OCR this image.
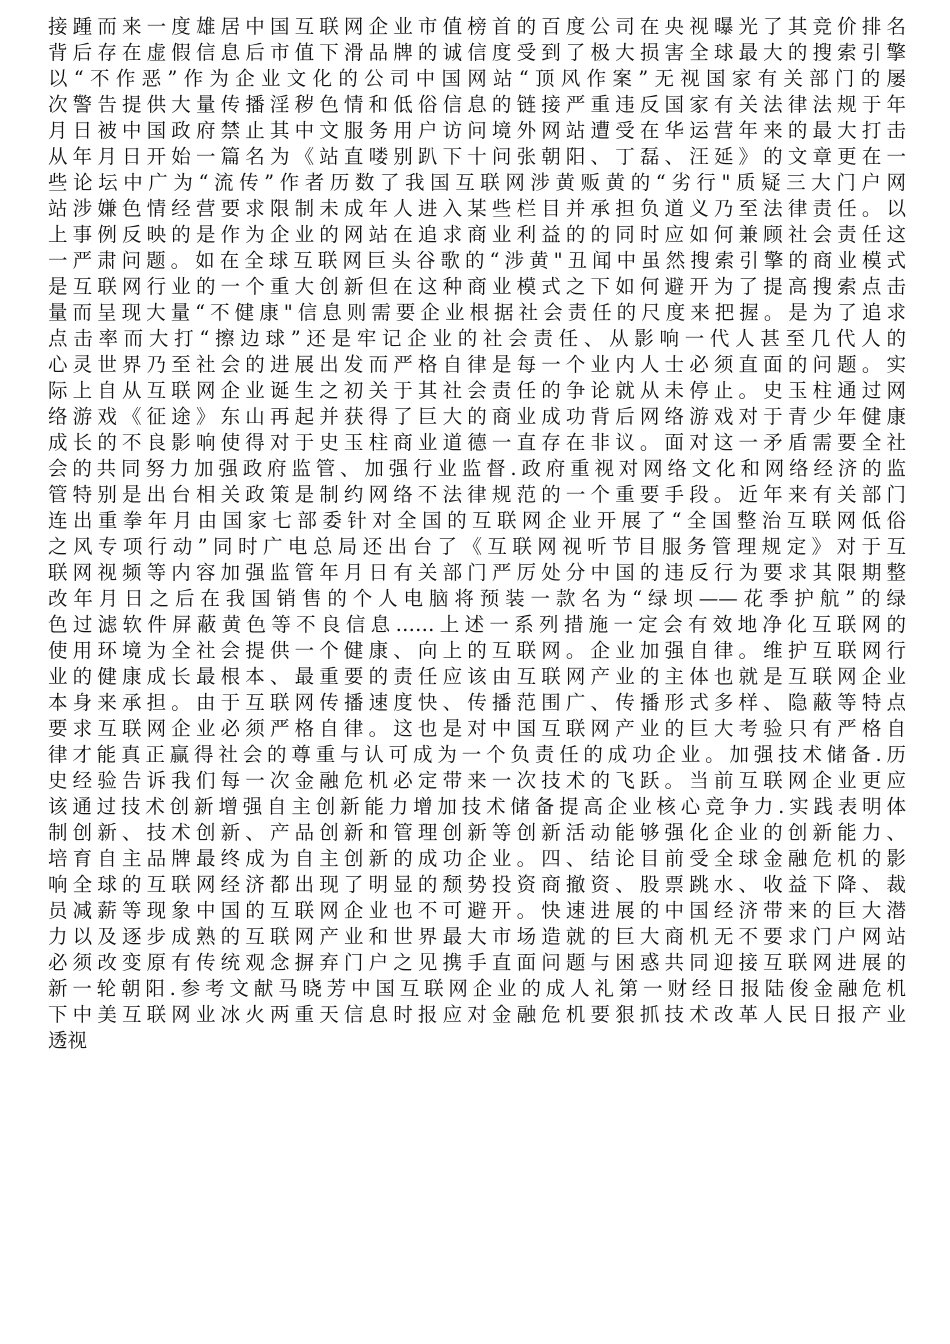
接踵而来一度雄居中国互联网企业市值榜首的百度公司在央视曝光了其竞价排名
背后存在虚假信息后市值下滑品牌的诚信度受到了极大损害全球最大的搜索引擎
以“不作恶”作为企业文化的公司中国网站“顶风作案”无视国家有关部门的屡
次警告提供大量传播淫秽色情和低俗信息的链接严重违反国家有关法律法规于年
月日被中国政府禁止其中文服务用户访问境外网站遭受在华运营年来的最大打击
从年月日开始一篇名为《站直喽别趴下十问张朝阳、丁磊、汪延》的文章更在一
些论坛中广为“流传”作者历数了我国互联网涉黄贩黄的“劣行"质疑三大门户网
站涉嫌色情经营要求限制未成年人进入某些栏目并承担负道义乃至法律责任。以
上事例反映的是作为企业的网站在追求商业利益的的同时应如何兼顾社会责任这
一严肃问题。如在全球互联网巨头谷歌的“涉黄"丑闻中虽然搜索引擎的商业模式
是互联网行业的一个重大创新但在这种商业模式之下如何避开为了提高搜索点击
量而呈现大量“不健康"信息则需要企业根据社会责任的尺度来把握。是为了追求
点击率而大打“擦边球”还是牢记企业的社会责任、从影响一代人甚至几代人的
心灵世界乃至社会的进展出发而严格自律是每一个业内人士必须直面的问题。实
际上自从互联网企业诞生之初关于其社会责任的争论就从未停止。史玉柱通过网
络游戏《征途》东山再起并获得了巨大的商业成功背后网络游戏对于青少年健康
成长的不良影响使得对于史玉柱商业道德一直存在非议。面对这一矛盾需要全社
会的共同努力加强政府监管、加强行业监督.政府重视对网络文化和网络经济的监
管特别是出台相关政策是制约网络不法律规范的一个重要手段。近年来有关部门
连出重拳年月由国家七部委针对全国的互联网企业开展了“全国整治互联网低俗
之风专项行动”同时广电总局还出台了《互联网视听节目服务管理规定》对于互
联网视频等内容加强监管年月日有关部门严厉处分中国的违反行为要求其限期整
改年月日之后在我国销售的个人电脑将预装一款名为“绿坝——花季护航”的绿
色过滤软件屏蔽黄色等不良信息……上述一系列措施一定会有效地净化互联网的
使用环境为全社会提供一个健康、向上的互联网。企业加强自律。维护互联网行
业的健康成长最根本、最重要的责任应该由互联网产业的主体也就是互联网企业
本身来承担。由于互联网传播速度快、传播范围广、传播形式多样、隐蔽等特点
要求互联网企业必须严格自律。这也是对中国互联网产业的巨大考验只有严格自
律才能真正赢得社会的尊重与认可成为一个负责任的成功企业。加强技术储备.历
史经验告诉我们每一次金融危机必定带来一次技术的飞跃。当前互联网企业更应
该通过技术创新增强自主创新能力增加技术储备提高企业核心竞争力.实践表明体
制创新、技术创新、产品创新和管理创新等创新活动能够强化企业的创新能力、
培育自主品牌最终成为自主创新的成功企业。四、结论目前受全球金融危机的影
响全球的互联网经济都出现了明显的颓势投资商撤资、股票跳水、收益下降、裁
员减薪等现象中国的互联网企业也不可避开。快速进展的中国经济带来的巨大潜
力以及逐步成熟的互联网产业和世界最大市场造就的巨大商机无不要求门户网站
必须改变原有传统观念摒弃门户之见携手直面问题与困惑共同迎接互联网进展的
新一轮朝阳.参考文献马晓芳中国互联网企业的成人礼第一财经日报陆俊金融危机
下中美互联网业冰火两重天信息时报应对金融危机要狠抓技术改革人民日报产业
透视
